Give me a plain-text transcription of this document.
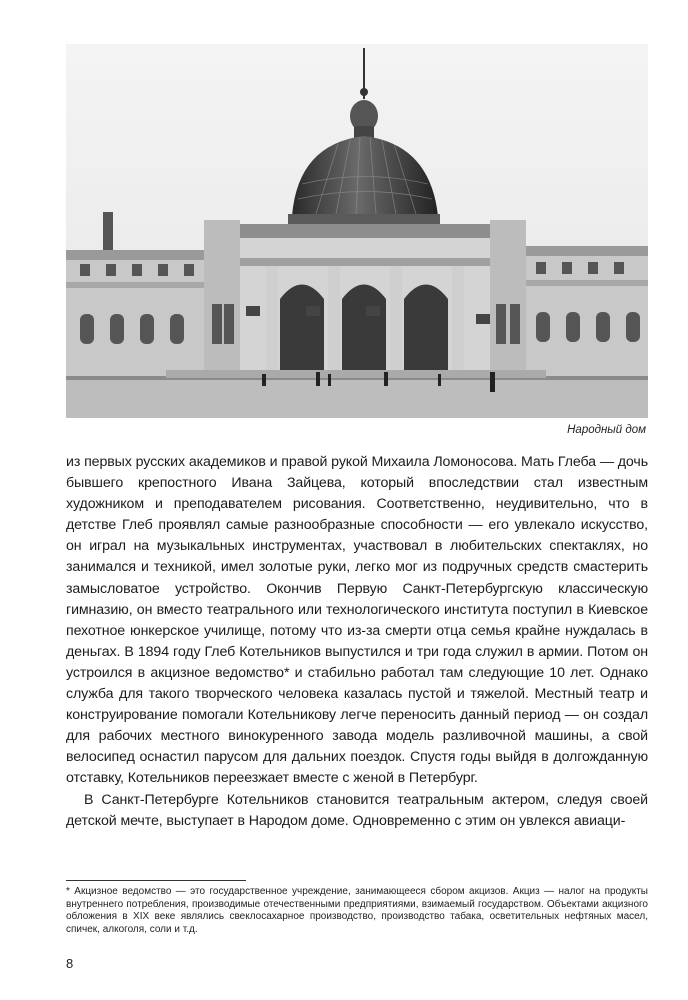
Народный дом

из первых русских академиков и правой рукой Михаила Ломоносова. Мать Глеба — дочь бывшего крепостного Ивана Зайцева, который впоследствии стал известным художником и преподавателем рисования. Соответственно, неудивительно, что в детстве Глеб проявлял самые разнообразные способности — его увлекало искусство, он играл на музыкальных инструментах, участвовал в любительских спектаклях, но занимался и техникой, имел золотые руки, легко мог из подручных средств смастерить замысловатое устройство. Окончив Первую Санкт-Петербургскую классическую гимназию, он вместо театрального или технологического института поступил в Киевское пехотное юнкерское училище, потому что из-за смерти отца семья крайне нуждалась в деньгах. В 1894 году Глеб Котельников выпустился и три года служил в армии. Потом он устроился в акцизное ведомство* и стабильно работал там следующие 10 лет. Однако служба для такого творческого человека казалась пустой и тяжелой. Местный театр и конструирование помогали Котельникову легче переносить данный период — он создал для рабочих местного винокуренного завода модель разливочной машины, а свой велосипед оснастил парусом для дальних поездок. Спустя годы выйдя в долгожданную отставку, Котельников переезжает вместе с женой в Петербург.

В Санкт-Петербурге Котельников становится театральным актером, следуя своей детской мечте, выступает в Народом доме. Одновременно с этим он увлекся авиаци-

* Акцизное ведомство — это государственное учреждение, занимающееся сбором акцизов. Акциз — налог на продукты внутреннего потребления, производимые отечественными предприятиями, взимаемый государством. Объектами акцизного обложения в XIX веке являлись свеклосахарное производство, производство табака, осветительных нефтяных масел, спичек, алкоголя, соли и т.д.
8
